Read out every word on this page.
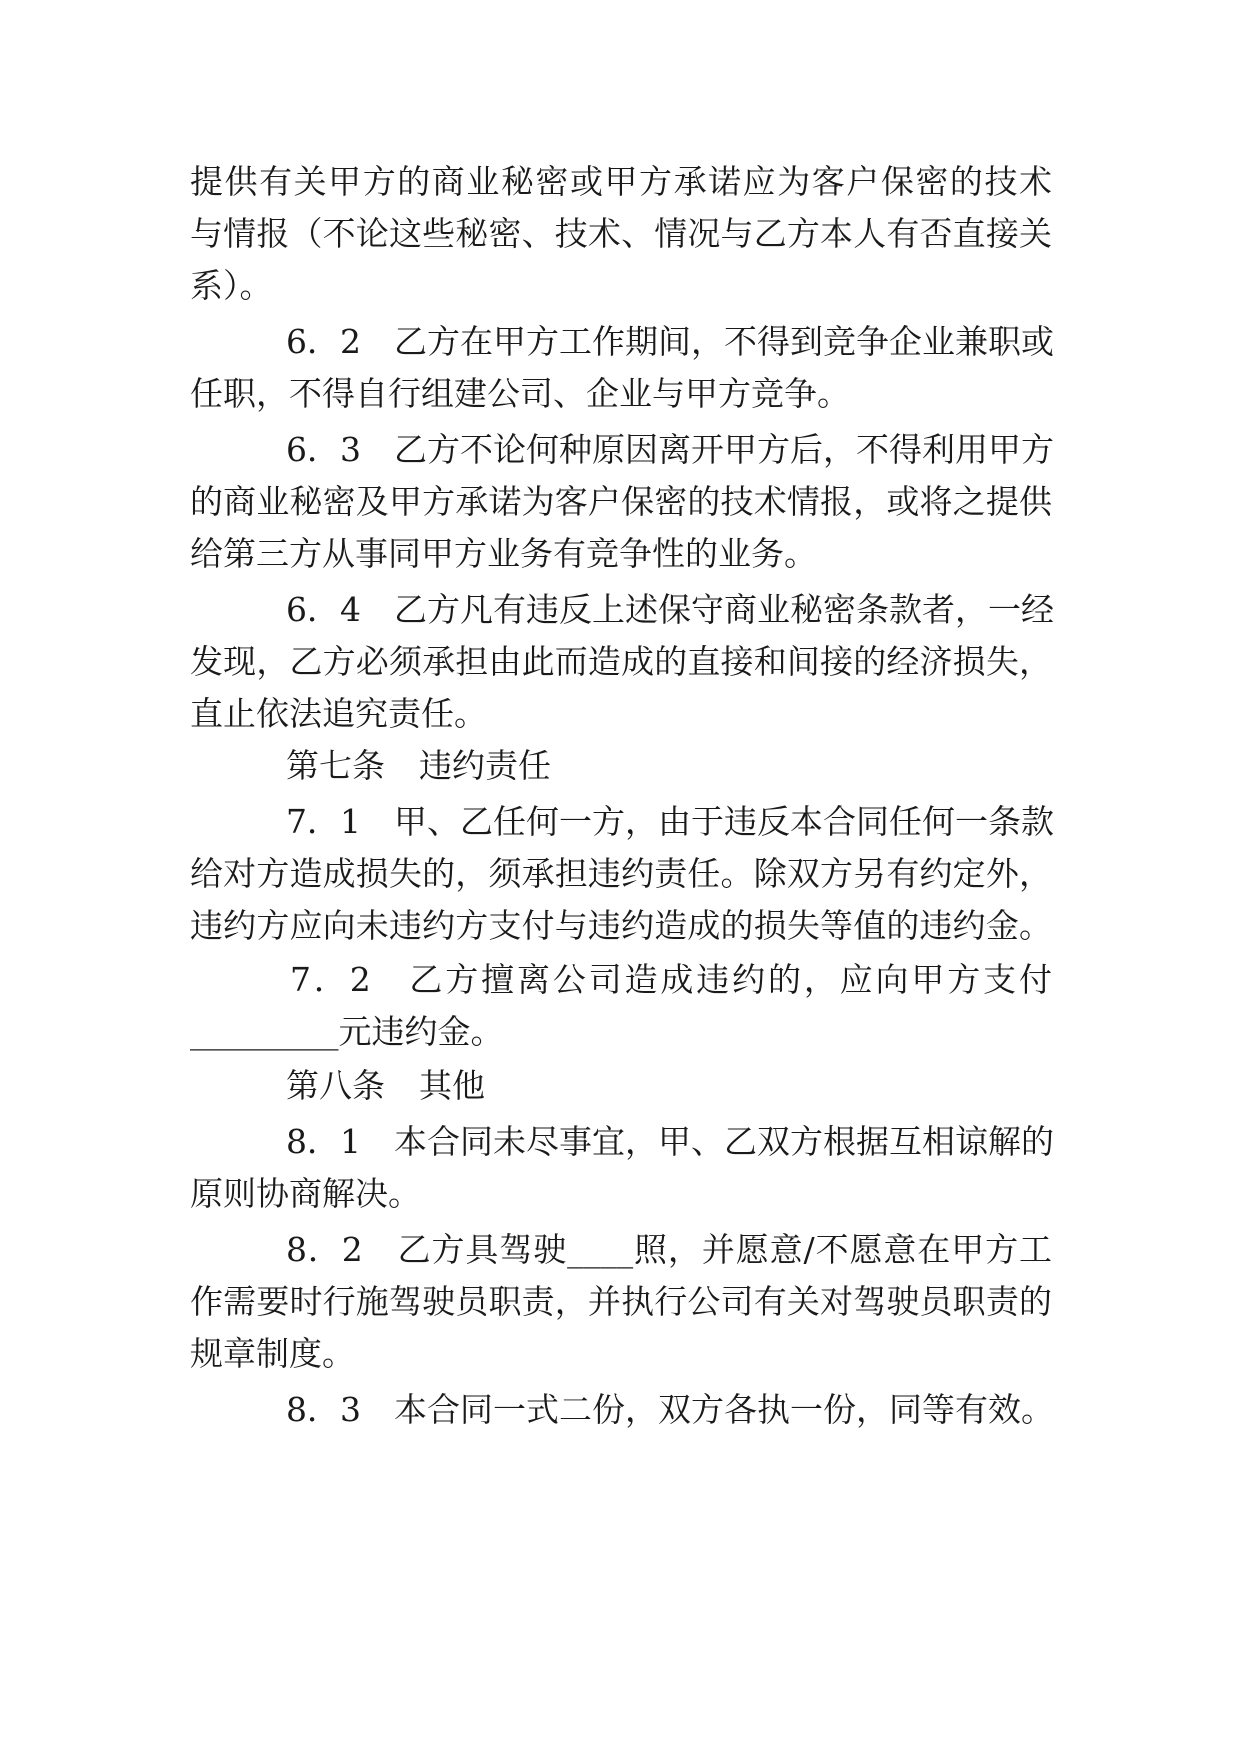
提供有关甲方的商业秘密或甲方承诺应为客户保密的技术
与情报（不论这些秘密、技术、情况与乙方本人有否直接关
系）。
6．2　乙方在甲方工作期间，不得到竞争企业兼职或
任职，不得自行组建公司、企业与甲方竞争。
6．3　乙方不论何种原因离开甲方后，不得利用甲方
的商业秘密及甲方承诺为客户保密的技术情报，或将之提供
给第三方从事同甲方业务有竞争性的业务。
6．4　乙方凡有违反上述保守商业秘密条款者，一经
发现，乙方必须承担由此而造成的直接和间接的经济损失，
直止依法追究责任。
第七条 违约责任
7．1　甲、乙任何一方，由于违反本合同任何一条款
给对方造成损失的，须承担违约责任。除双方另有约定外，
违约方应向未违约方支付与违约造成的损失等值的违约金。
7．2　乙方擅离公司造成违约的，应向甲方支付
_________元违约金。
第八条 其他
8．1　本合同未尽事宜，甲、乙双方根据互相谅解的
原则协商解决。
8．2　乙方具驾驶____照，并愿意/不愿意在甲方工
作需要时行施驾驶员职责，并执行公司有关对驾驶员职责的
规章制度。
8．3　本合同一式二份，双方各执一份，同等有效。
